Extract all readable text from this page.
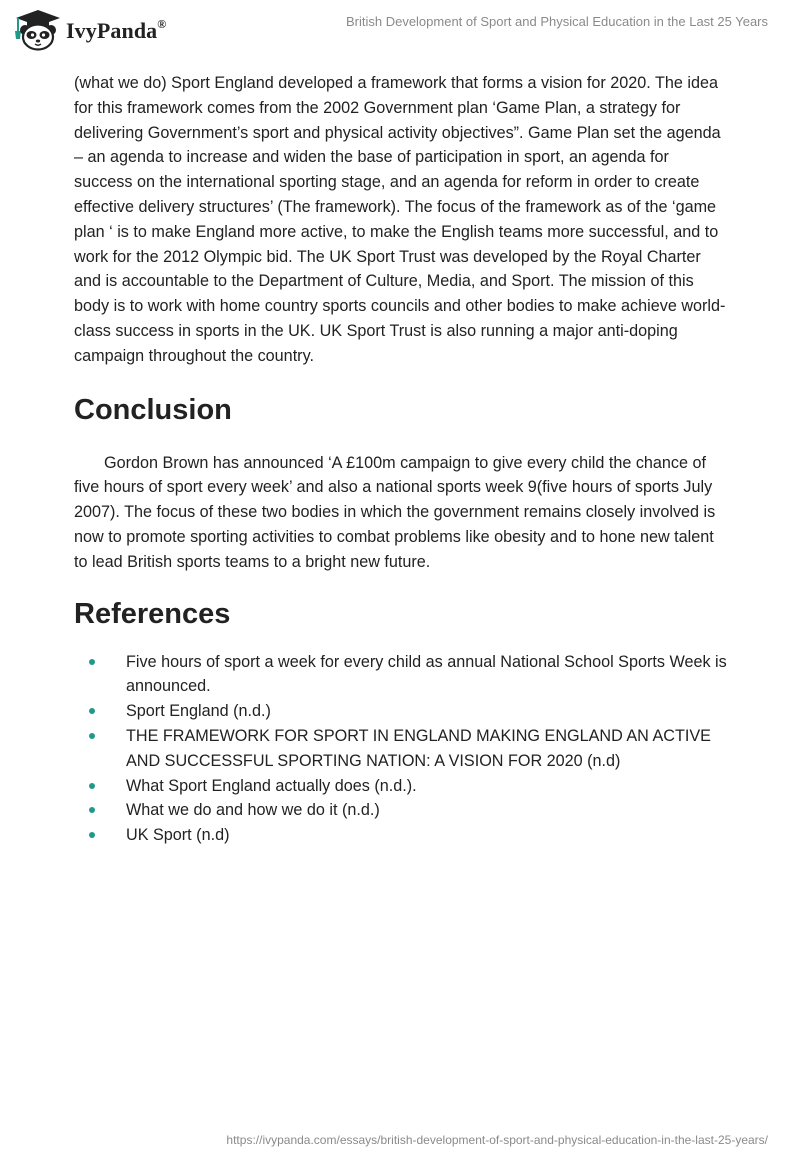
IvyPanda®	British Development of Sport and Physical Education in the Last 25 Years

(what we do) Sport England developed a framework that forms a vision for 2020. The idea for this framework comes from the 2002 Government plan ‘Game Plan, a strategy for delivering Government’s sport and physical activity objectives”. Game Plan set the agenda – an agenda to increase and widen the base of participation in sport, an agenda for success on the international sporting stage, and an agenda for reform in order to create effective delivery structures’ (The framework). The focus of the framework as of the ‘game plan ‘ is to make England more active, to make the English teams more successful, and to work for the 2012 Olympic bid. The UK Sport Trust was developed by the Royal Charter and is accountable to the Department of Culture, Media, and Sport. The mission of this body is to work with home country sports councils and other bodies to make achieve world-class success in sports in the UK. UK Sport Trust is also running a major anti-doping campaign throughout the country.

Conclusion

Gordon Brown has announced ‘A £100m campaign to give every child the chance of five hours of sport every week’ and also a national sports week 9(five hours of sports July 2007). The focus of these two bodies in which the government remains closely involved is now to promote sporting activities to combat problems like obesity and to hone new talent to lead British sports teams to a bright new future.

References
Five hours of sport a week for every child as annual National School Sports Week is announced.
Sport England (n.d.)
THE FRAMEWORK FOR SPORT IN ENGLAND MAKING ENGLAND AN ACTIVE AND SUCCESSFUL SPORTING NATION: A VISION FOR 2020 (n.d)
What Sport England actually does (n.d.).
What we do and how we do it (n.d.)
UK Sport (n.d)
https://ivypanda.com/essays/british-development-of-sport-and-physical-education-in-the-last-25-years/
